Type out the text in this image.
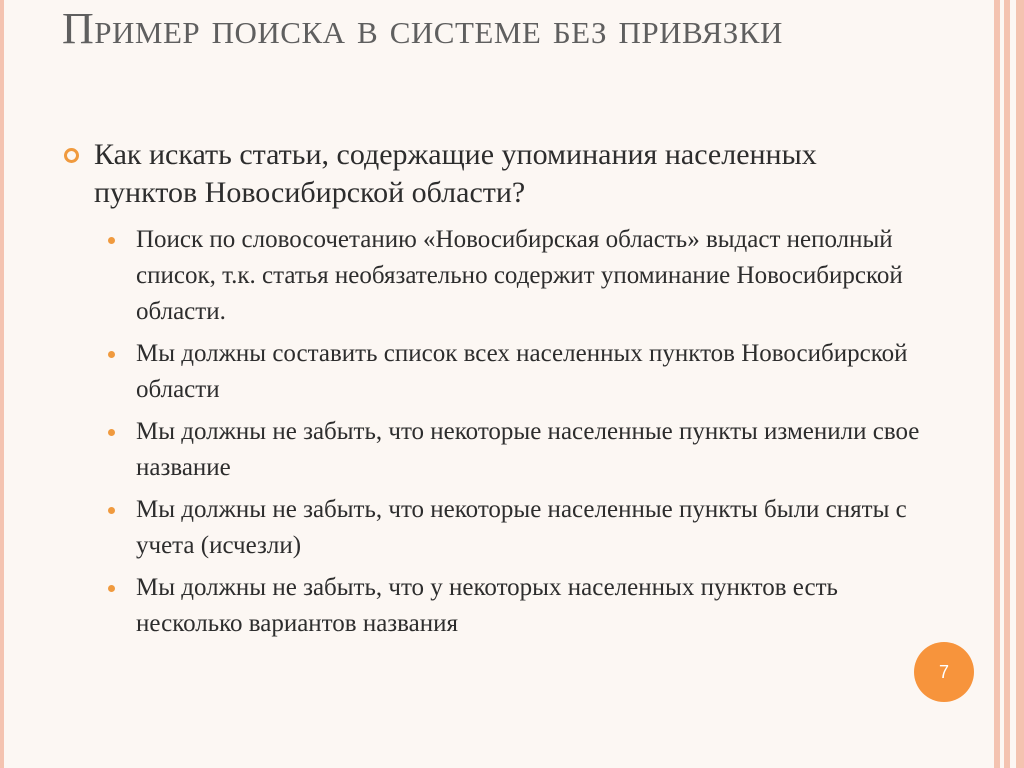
Пример поиска в системе без привязки
Как искать статьи, содержащие упоминания населенных пунктов Новосибирской области?
Поиск по словосочетанию «Новосибирская область» выдаст неполный список, т.к. статья необязательно содержит упоминание Новосибирской области.
Мы должны составить список всех населенных пунктов Новосибирской области
Мы должны не забыть, что некоторые населенные пункты изменили свое название
Мы должны не забыть, что некоторые населенные пункты были сняты с учета (исчезли)
Мы должны не забыть, что у некоторых населенных пунктов есть несколько вариантов названия
7
